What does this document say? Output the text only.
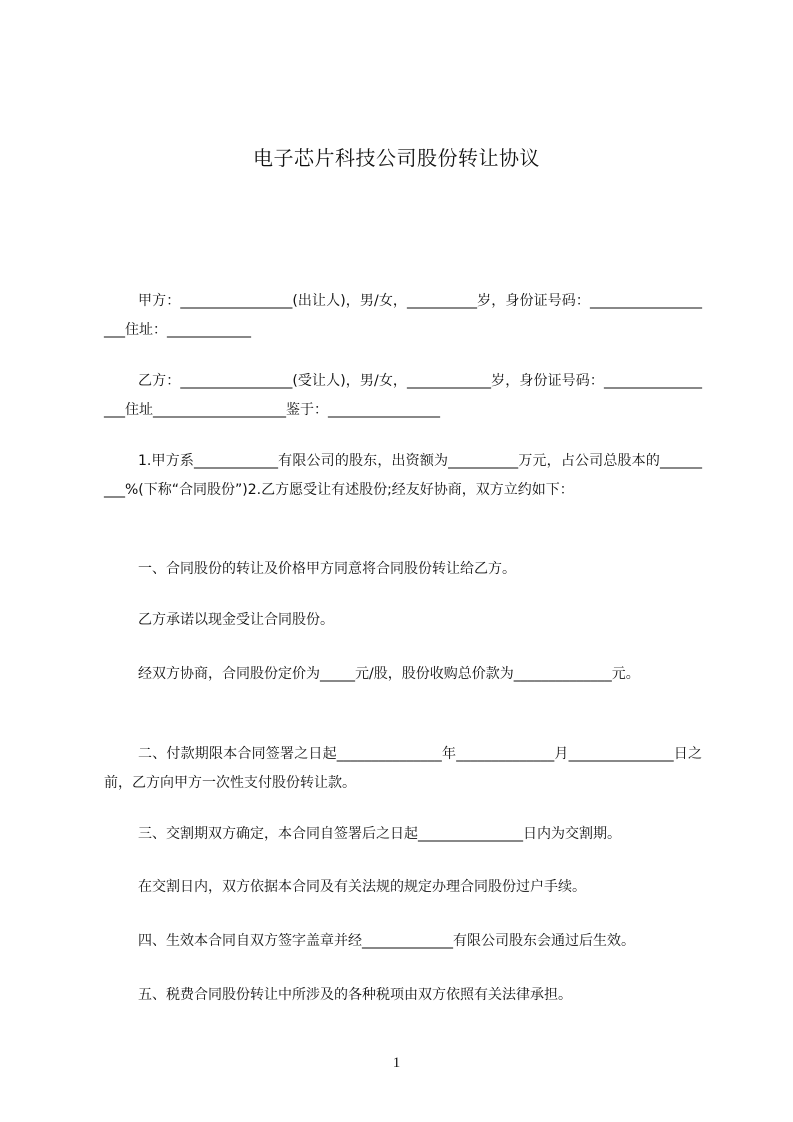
电子芯片科技公司股份转让协议
甲方：________________(出让人)，男/女，__________岁，身份证号码：___________________住址：____________
乙方：________________(受让人)，男/女，____________岁，身份证号码：_________________住址___________________鉴于：________________
1.甲方系____________有限公司的股东，出资额为__________万元，占公司总股本的_________%(下称“合同股份”)2.乙方愿受让有述股份;经友好协商，双方立约如下：
一、合同股份的转让及价格甲方同意将合同股份转让给乙方。
乙方承诺以现金受让合同股份。
经双方协商，合同股份定价为_____元/股，股份收购总价款为______________元。
二、付款期限本合同签署之日起_______________年______________月_______________日之前，乙方向甲方一次性支付股份转让款。
三、交割期双方确定，本合同自签署后之日起_______________日内为交割期。
在交割日内，双方依据本合同及有关法规的规定办理合同股份过户手续。
四、生效本合同自双方签字盖章并经_____________有限公司股东会通过后生效。
五、税费合同股份转让中所涉及的各种税项由双方依照有关法律承担。
1
